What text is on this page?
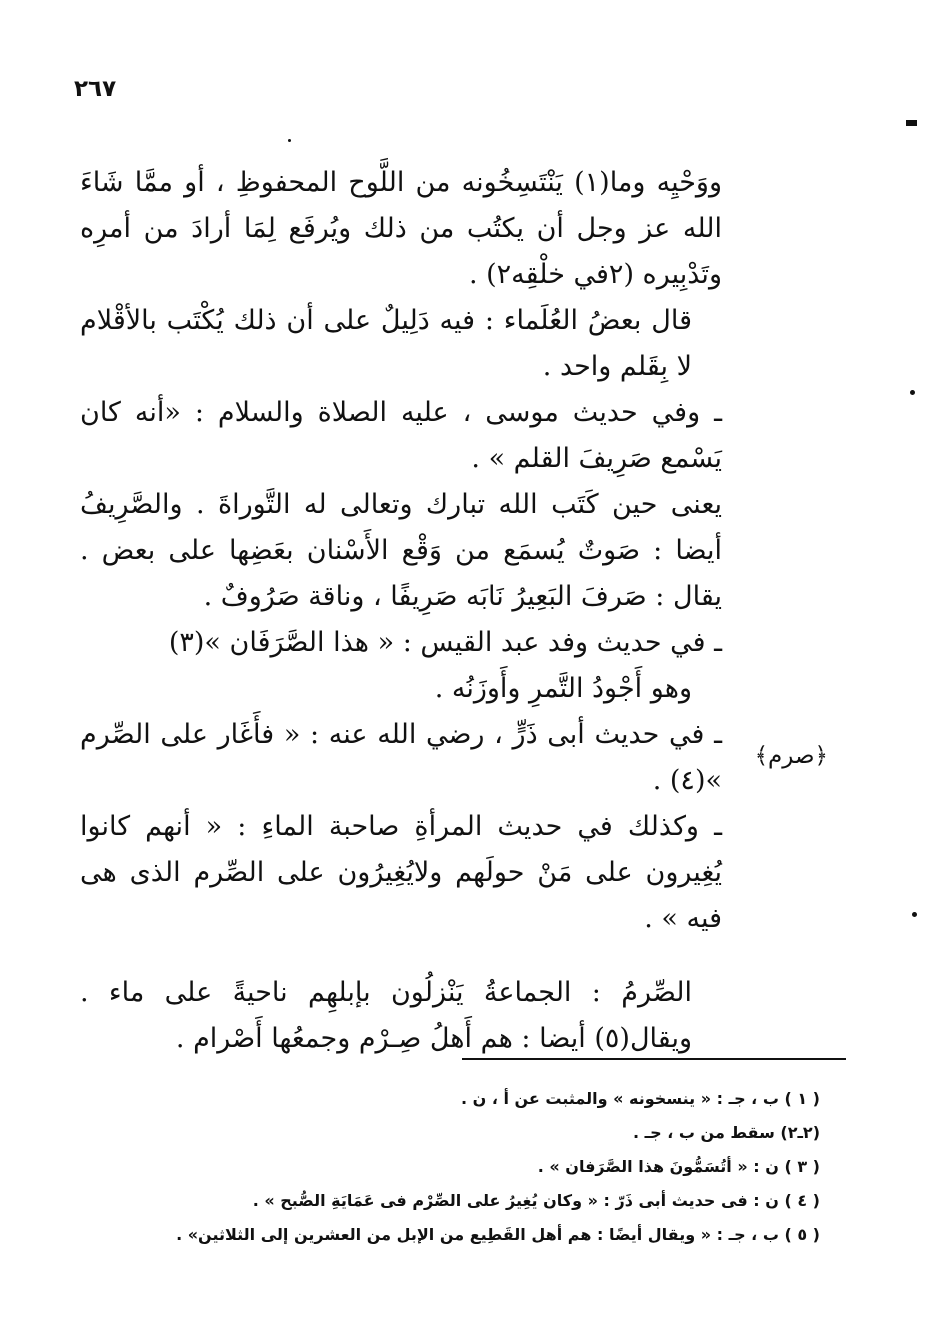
٢٦٧

ووَحْيِه وما(١) يَنْتَسِخُونه من اللَّوح المحفوظِ ، أو ممَّا شَاءَ الله عز وجل أن يكتُب من ذلك ويُرفَع لِمَا أرادَ من أمرِه وتَدْبِيره (٢في خلْقِه٢) .

قال بعضُ العُلَماء : فيه دَلِيلٌ على أن ذلك يُكْتَب بالأقْلام لا بِقَلم واحد .

ـ وفي حديث موسى ، عليه الصلاة والسلام : «أنه كان يَسْمع صَرِيفَ القلم » .

يعنى حين كَتَب الله تبارك وتعالى له التَّوراةَ . والصَّرِيفُ أيضا : صَوتٌ يُسمَع من وَقْع الأَسْنان بعَضِها على بعض . يقال : صَرفَ البَعِيرُ نَابَه صَرِيفًا ، وناقة صَرُوفٌ .

ـ في حديث وفد عبد القيس : « هذا الصَّرَفَان »(٣)

وهو أَجْودُ التَّمرِ وأَوزَنُه .

ـ في حديث أبى ذَرٍّ ، رضي الله عنه : « فأَغَار على الصِّرم »(٤) .

ـ وكذلك في حديث المرأةِ صاحبة الماءِ : « أنهم كانوا يُغِيرون على مَنْ حولَهم ولايُغِيرُون على الصِّرم الذى هى فيه » .

الصِّرمُ : الجماعةُ يَنْزلُون بإبلهِم ناحيةً على ماء . ويقال(٥) أيضا : هم أَهلُ صِـرْم وجمعُها أَصْرام .

﴿صرم﴾

( ١ ) ب ، جـ : « ينسخونه » والمثبت عن أ ، ن .

(٢ـ٢) سقط من ب ، جـ .

( ٣ ) ن : « أتُسَمُّونَ هذا الصَّرَفان » .

( ٤ ) ن : فى حديث أبى ذَرّ : « وكان يُغِيرُ على الصِّرْم فى عَمَايَةِ الصُّبح » .

( ٥ ) ب ، جـ : « ويقال أيضًا : هم أهل القَطِيع من الإبل من العشرين إلى الثلاثين» .
